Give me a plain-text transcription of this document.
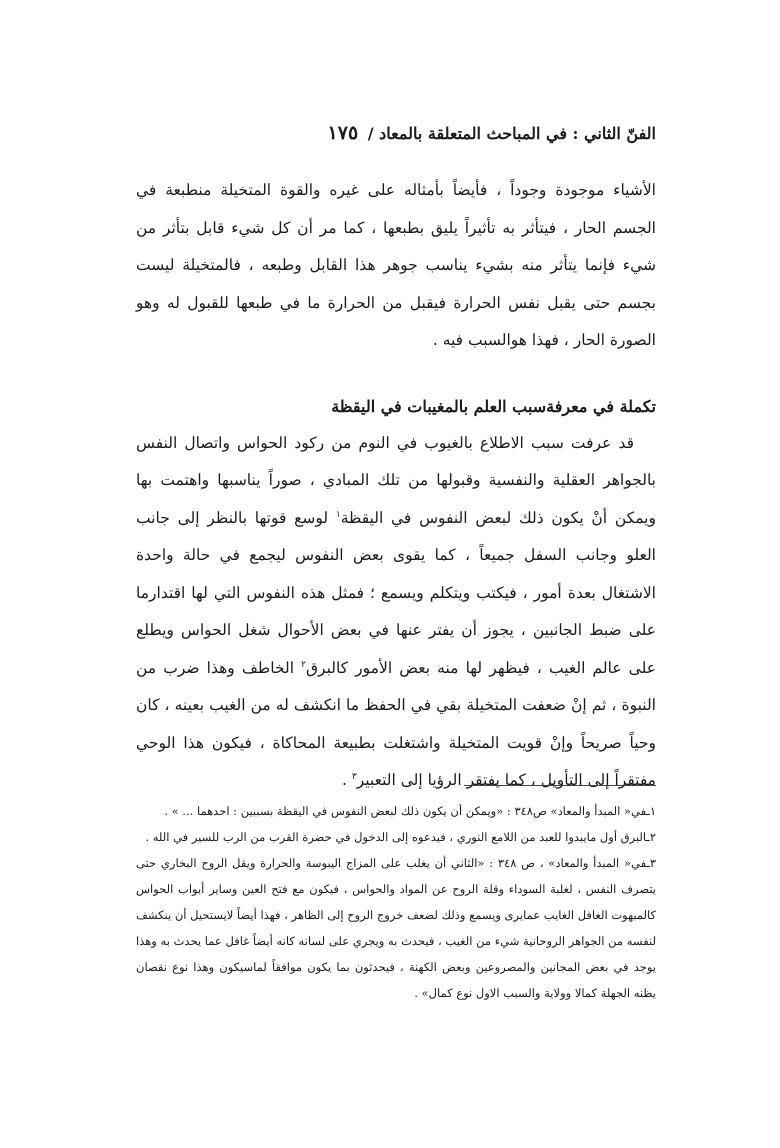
الفنّ الثاني : في المباحث المتعلقة بالمعاد / ١٧٥

الأشياء موجودة وجوداً ، فأيضاً بأمثاله على غيره والقوة المتخيلة منطبعة في الجسم الحار ، فيتأثر به تأثيراً يليق بطبعها ، كما مر أن كل شيء قابل بتأثر من شيء فإنما يتأثر منه بشيء يناسب جوهر هذا القابل وطبعه ، فالمتخيلة ليست بجسم حتى يقبل نفس الحرارة فيقبل من الحرارة ما في طبعها للقبول له وهو الصورة الحار ، فهذا هوالسبب فيه .

تكملة في معرفةسبب العلم بالمغيبات في اليقظة

قد عرفت سبب الاطلاع بالغيوب في النوم من ركود الحواس واتصال النفس بالجواهر العقلية والنفسية وقبولها من تلك المبادي ، صوراً يناسبها واهتمت بها ويمكن أنْ يكون ذلك لبعض النفوس في اليقظة$^١$ لوسع قوتها بالنظر إلى جانب العلو وجانب السفل جميعاً ، كما يقوى بعض النفوس ليجمع في حالة واحدة الاشتغال بعدة أمور ، فيكتب ويتكلم ويسمع ؛ فمثل هذه النفوس التي لها اقتدارما على ضبط الجانبين ، يجوز أن يفتر عنها في بعض الأحوال شغل الحواس ويطلع على عالم الغيب ، فيظهر لها منه بعض الأمور كالبرق$^٢$ الخاطف وهذا ضرب من النبوة ، ثم إنْ ضعفت المتخيلة بقي في الحفظ ما انكشف له من الغيب بعينه ، كان وحياً صريحاً وإنْ قويت المتخيلة واشتغلت بطبيعة المحاكاة ، فيكون هذا الوحي مفتقراً إلى التأويل ، كما يفتقر الرؤيا إلى التعبير$^٣$ .

١ـفي« المبدأ والمعاد» ص٣٤٨ : «ويمكن أن يكون ذلك لبعض النفوس في اليقظة بسببين : احدهما ... » .

٢ـالبرق أول مايبدوا للعبد من اللامع النوري ، فيدعوه إلى الدخول في حضرة القرب من الرب للسير في الله .

٣ـفي« المبدأ والمعاد» ، ص ٣٤٨ : «الثاني أن يغلب على المزاج اليبوسة والحرارة ويقل الروح البخاري حتى يتصرف النفس ، لغلبة السوداء وقلة الروح عن المواد والحواس ، فيكون مع فتح العين وساير أبواب الحواس كالمبهوت الغافل الغايب عمايرى ويسمع وذلك لضعف خروج الروح إلى الظاهر ، فهذا أيضاً لايستحيل أن ينكشف لنفسه من الجواهر الروحانية شيء من الغيب ، فيحدث به ويجري على لسانه كانه أيضاً غافل عما يحدث به وهذا يوجد في بعض المجانين والمصروعين وبعض الكهنة ، فيحدثون بما يكون موافقاً لماسيكون وهذا نوع نقصان يظنه الجهلة كمالا وولاية والسبب الاول نوع كمال» .
